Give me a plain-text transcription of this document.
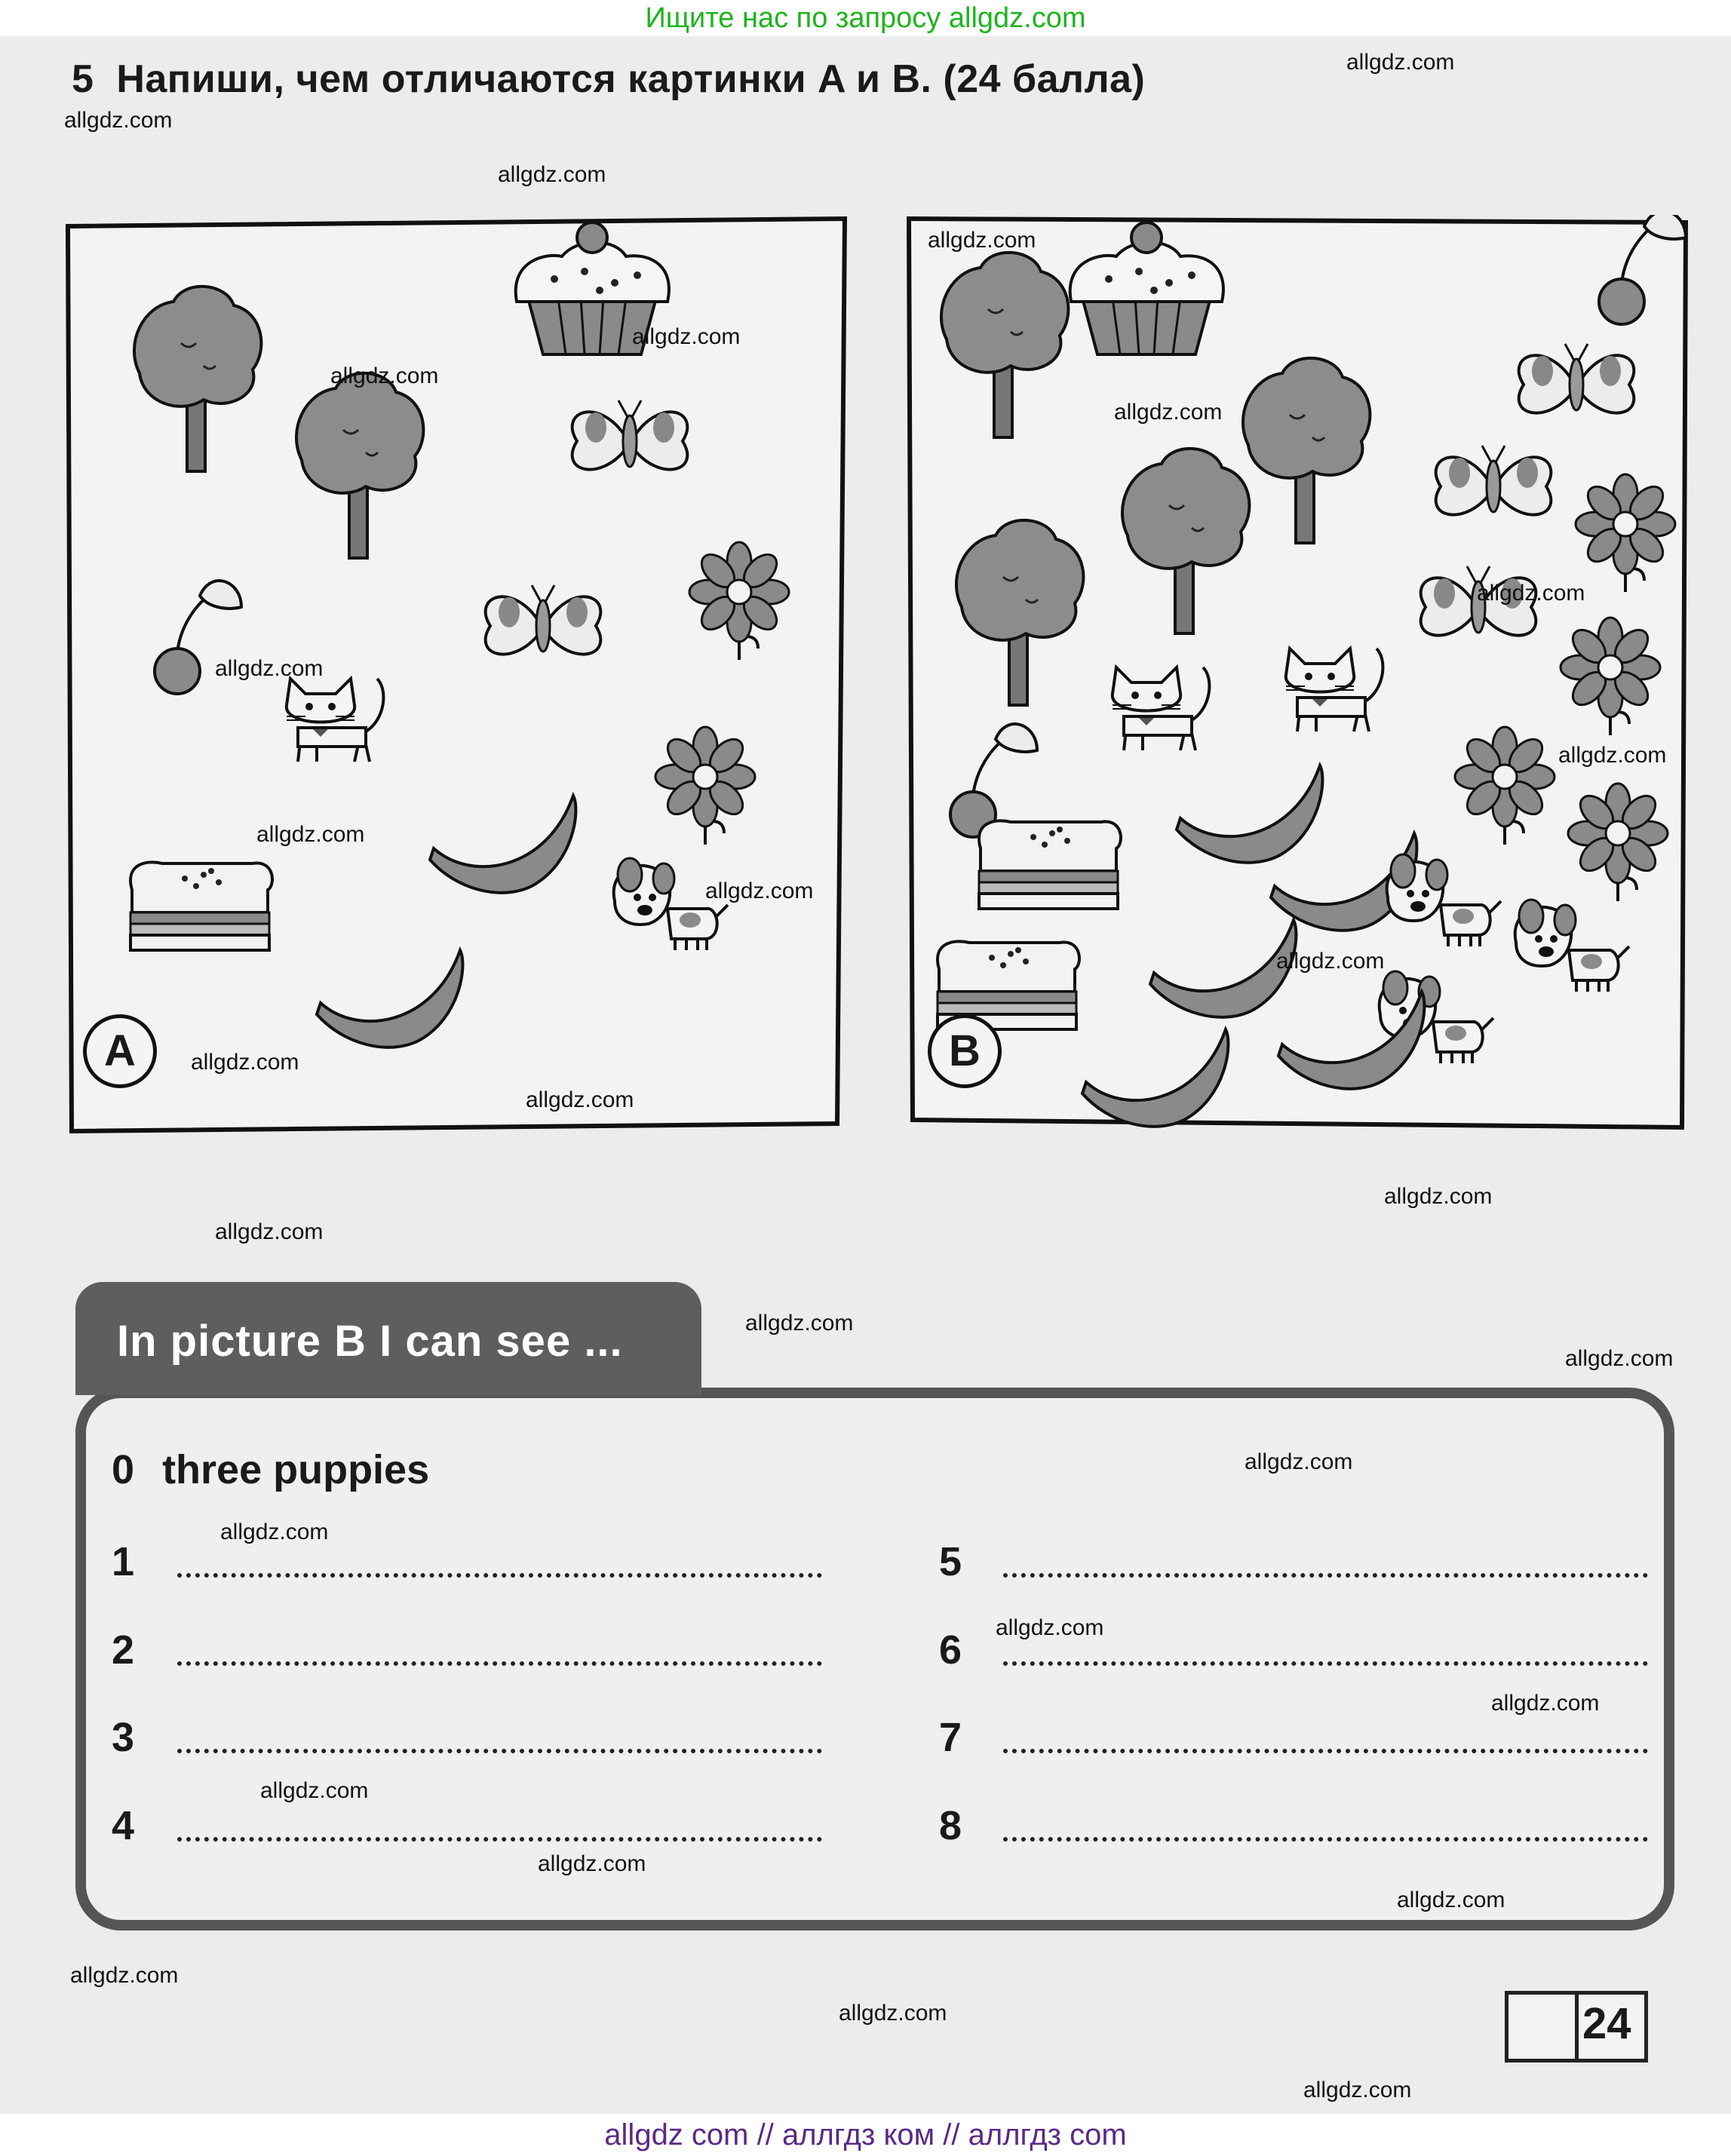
Ищите нас по запросу allgdz.com
5 Напиши, чем отличаются картинки A и B. (24 балла)
A	B
In picture B I can see ...
0 three puppies
1
2
3
4
5
6
7
8
24
allgdz.com
allgdz.com
allgdz.com
allgdz.com
allgdz.com
allgdz.com
allgdz.com
allgdz.com
allgdz.com
allgdz.com
allgdz.com
allgdz.com
allgdz.com
allgdz.com
allgdz.com
allgdz.com
allgdz.com
allgdz.com
allgdz.com
allgdz.com
allgdz.com
allgdz.com
allgdz.com
allgdz.com
allgdz.com
allgdz.com
allgdz.com
allgdz.com
allgdz.com
allgdz com // аллгдз ком // аллгдз com
